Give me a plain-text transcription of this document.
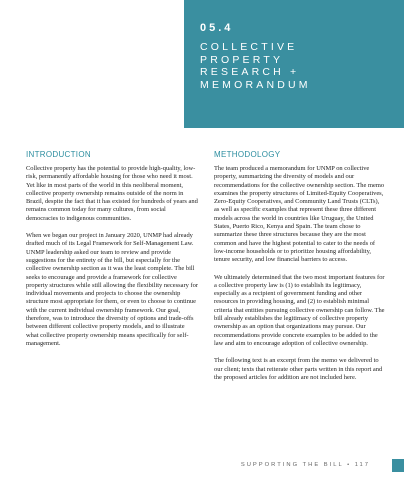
05.4
COLLECTIVE
PROPERTY
RESEARCH +
MEMORANDUM
INTRODUCTION

Collective property has the potential to provide high-quality, low-risk, permanently affordable housing for those who need it most. Yet like in most parts of the world in this neoliberal moment, collective property ownership remains outside of the norm in Brazil, despite the fact that it has existed for hundreds of years and remains common today for many cultures, from social democracies to indigenous communities.

When we began our project in January 2020, UNMP had already drafted much of its Legal Framework for Self-Management Law. UNMP leadership asked our team to review and provide suggestions for the entirety of the bill, but especially for the collective ownership section as it was the least complete. The bill seeks to encourage and provide a framework for collective property structures while still allowing the flexibility necessary for individual movements and projects to choose the ownership structure most appropriate for them, or even to choose to continue with the current individual ownership framework. Our goal, therefore, was to introduce the diversity of options and trade-offs between different collective property models, and to illustrate what collective property ownership means specifically for self-management.

METHODOLOGY

The team produced a memorandum for UNMP on collective property, summarizing the diversity of models and our recommendations for the collective ownership section. The memo examines the property structures of Limited-Equity Cooperatives, Zero-Equity Cooperatives, and Community Land Trusts (CLTs), as well as specific examples that represent these three different models across the world in countries like Uruguay, the United States, Puerto Rico, Kenya and Spain. The team chose to summarize these three structures because they are the most common and have the highest potential to cater to the needs of low-income households or to prioritize housing affordability, tenure security, and low financial barriers to access.

We ultimately determined that the two most important features for a collective property law is (1) to establish its legitimacy, especially as a recipient of government funding and other resources in providing housing, and (2) to establish minimal criteria that entities pursuing collective ownership can follow. The bill already establishes the legitimacy of collective property ownership as an option that organizations may pursue. Our recommendations provide concrete examples to be added to the law and aim to encourage adoption of collective ownership.

The following text is an excerpt from the memo we delivered to our client; texts that reiterate other parts written in this report and the proposed articles for addition are not included here.

SUPPORTING THE BILL • 117
